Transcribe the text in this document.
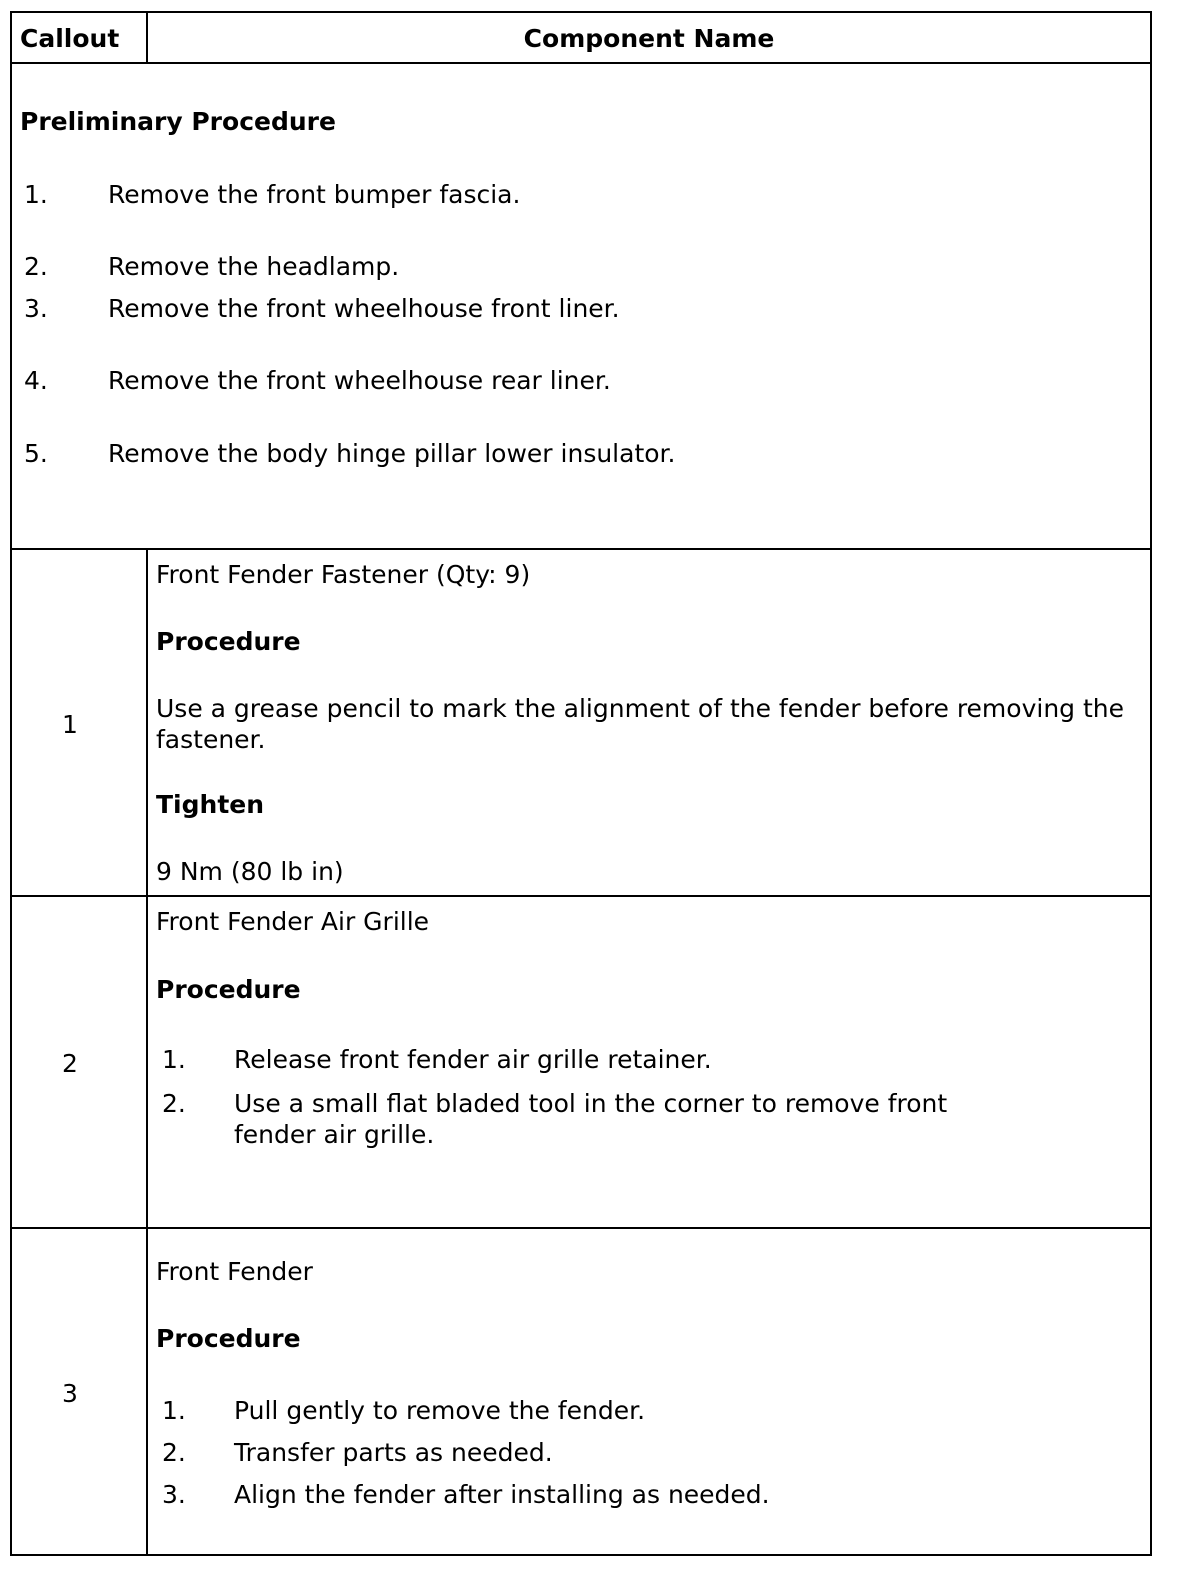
Callout	Component Name
Preliminary Procedure
1. Remove the front bumper fascia.
2. Remove the headlamp.
3. Remove the front wheelhouse front liner.
4. Remove the front wheelhouse rear liner.
5. Remove the body hinge pillar lower insulator.
1
Front Fender Fastener (Qty: 9)
Procedure
Use a grease pencil to mark the alignment of the fender before removing the fastener.
Tighten
9 Nm (80 lb in)
2
Front Fender Air Grille
Procedure
1. Release front fender air grille retainer.
2. Use a small flat bladed tool in the corner to remove front fender air grille.
3
Front Fender
Procedure
1. Pull gently to remove the fender.
2. Transfer parts as needed.
3. Align the fender after installing as needed.
